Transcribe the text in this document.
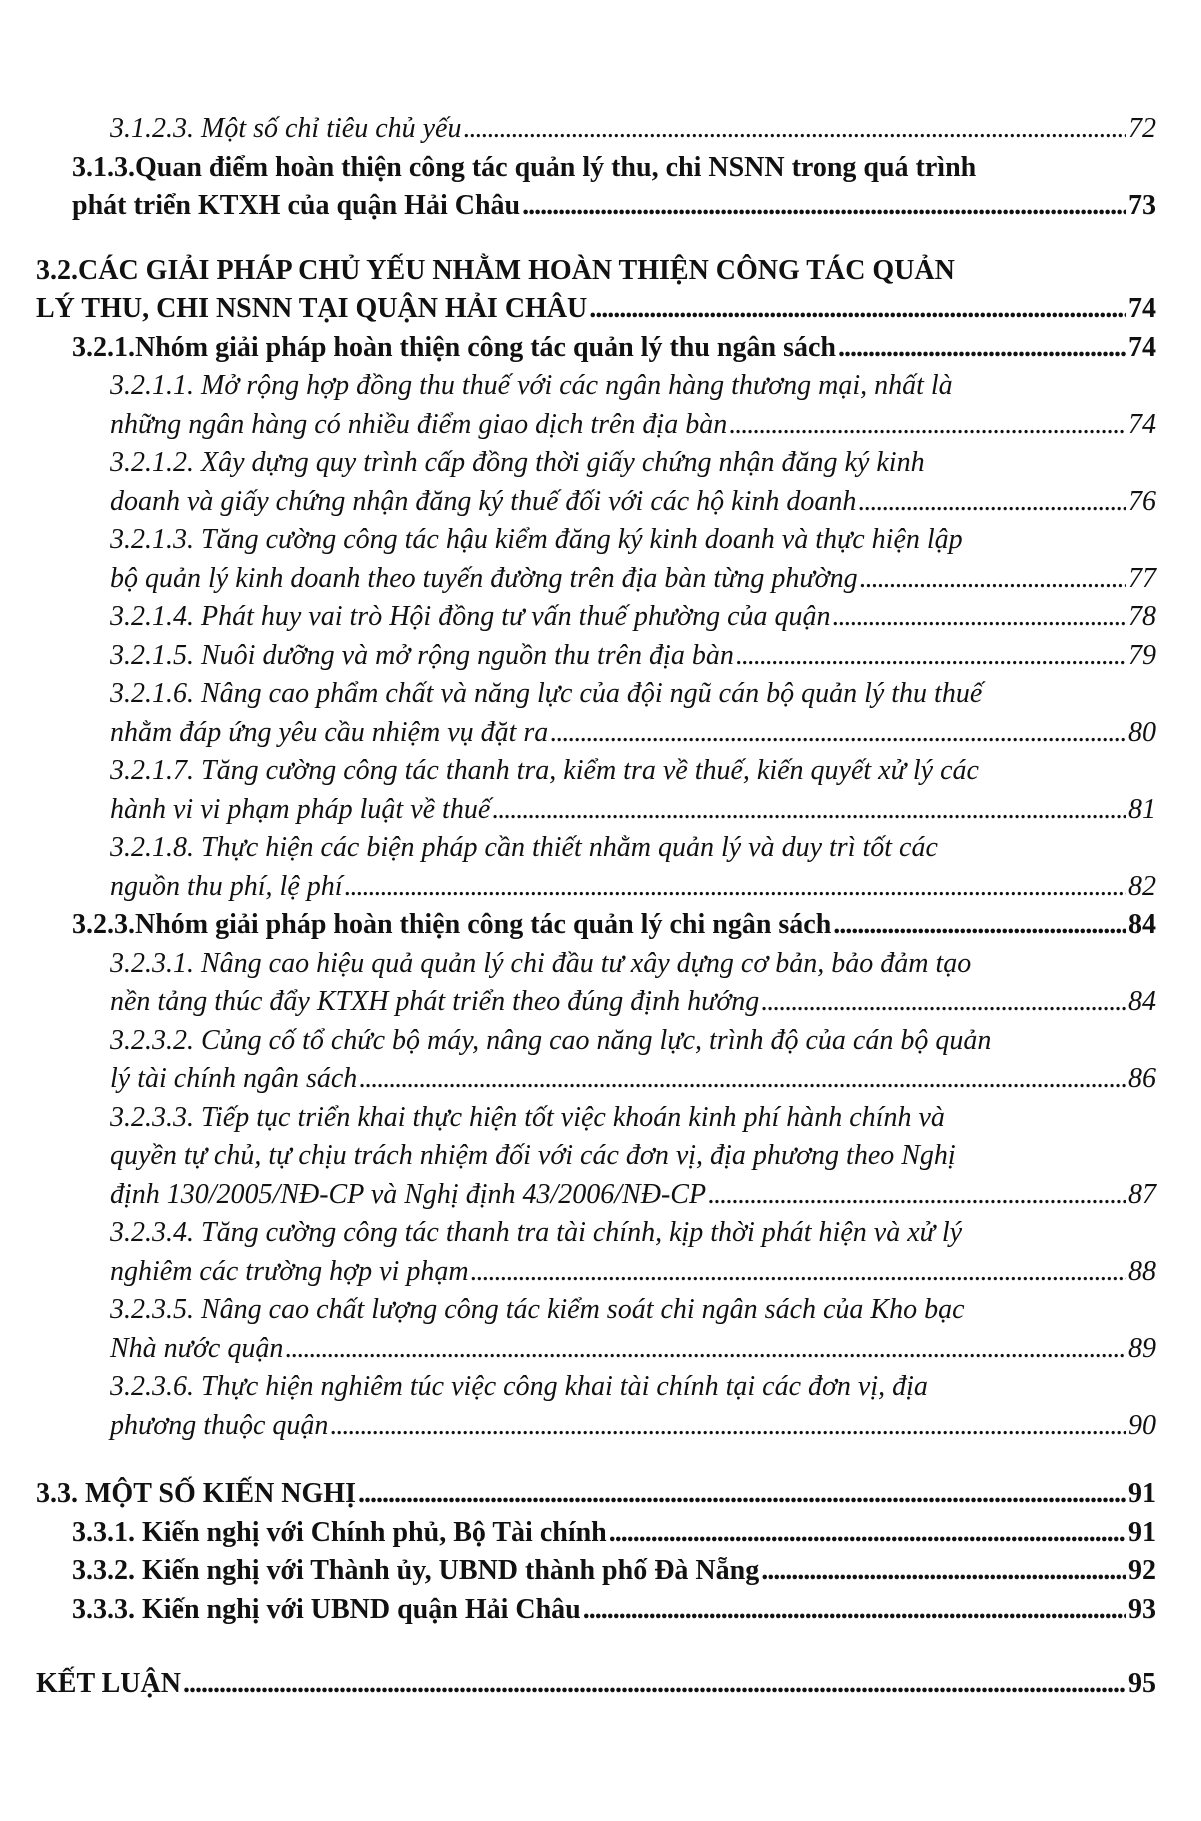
3.1.2.3. Một số chỉ tiêu chủ yếu . . .	72
3.1.3.Quan điểm hoàn thiện công tác quản lý thu, chi NSNN trong quá trình
phát triển KTXH của quận Hải Châu . . .	73
3.2.CÁC GIẢI PHÁP CHỦ YẾU NHẰM HOÀN THIỆN CÔNG TÁC QUẢN
LÝ THU, CHI NSNN TẠI QUẬN HẢI CHÂU . . .	74
3.2.1.Nhóm giải pháp hoàn thiện công tác quản lý thu ngân sách . . .	74
3.2.1.1. Mở rộng hợp đồng thu thuế với các ngân hàng thương mại, nhất là
những ngân hàng có nhiều điểm giao dịch trên địa bàn . . .	74
3.2.1.2. Xây dựng quy trình cấp đồng thời giấy chứng nhận đăng ký kinh
doanh và giấy chứng nhận đăng ký thuế đối với các hộ kinh doanh . . .	76
3.2.1.3. Tăng cường công tác hậu kiểm đăng ký kinh doanh và thực hiện lập
bộ quản lý kinh doanh theo tuyến đường trên địa bàn từng phường . . .	77
3.2.1.4. Phát huy vai trò Hội đồng tư vấn thuế phường của quận . . .	78
3.2.1.5. Nuôi dưỡng và mở rộng nguồn thu trên địa bàn . . .	79
3.2.1.6. Nâng cao phẩm chất và năng lực của đội ngũ cán bộ quản lý thu thuế
nhằm đáp ứng yêu cầu nhiệm vụ đặt ra . . .	80
3.2.1.7. Tăng cường công tác thanh tra, kiểm tra về thuế, kiến quyết xử lý các
hành vi vi phạm pháp luật về thuế . . .	81
3.2.1.8. Thực hiện các biện pháp cần thiết nhằm quản lý và duy trì tốt các
nguồn thu phí, lệ phí . . .	82
3.2.3.Nhóm giải pháp hoàn thiện công tác quản lý chi ngân sách . . .	84
3.2.3.1. Nâng cao hiệu quả quản lý chi đầu tư xây dựng cơ bản, bảo đảm tạo
nền tảng thúc đẩy KTXH phát triển theo đúng định hướng . . .	84
3.2.3.2. Củng cố tổ chức bộ máy, nâng cao năng lực, trình độ của cán bộ quản
lý tài chính ngân sách . . .	86
3.2.3.3. Tiếp tục triển khai thực hiện tốt việc khoán kinh phí hành chính và
quyền tự chủ, tự chịu trách nhiệm đối với các đơn vị, địa phương theo Nghị
định 130/2005/NĐ-CP và Nghị định 43/2006/NĐ-CP . . .	87
3.2.3.4. Tăng cường công tác thanh tra tài chính, kịp thời phát hiện và xử lý
nghiêm các trường hợp vi phạm . . .	88
3.2.3.5. Nâng cao chất lượng công tác kiểm soát chi ngân sách của Kho bạc
Nhà nước quận . . .	89
3.2.3.6. Thực hiện nghiêm túc việc công khai tài chính tại các đơn vị, địa
phương thuộc quận . . .	90
3.3. MỘT SỐ KIẾN NGHỊ . . .	91
3.3.1. Kiến nghị với Chính phủ, Bộ Tài chính . . .	91
3.3.2. Kiến nghị với Thành ủy, UBND thành phố Đà Nẵng . . .	92
3.3.3. Kiến nghị với UBND quận Hải Châu . . .	93
KẾT LUẬN . . .	95
